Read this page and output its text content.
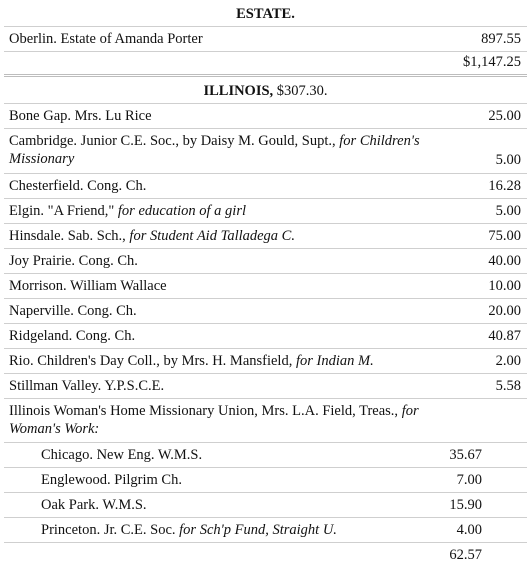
ESTATE.
Oberlin. Estate of Amanda Porter	897.55
$1,147.25
ILLINOIS, $307.30.
Bone Gap. Mrs. Lu Rice	25.00
Cambridge. Junior C.E. Soc., by Daisy M. Gould, Supt., for Children's Missionary	5.00
Chesterfield. Cong. Ch.	16.28
Elgin. "A Friend," for education of a girl	5.00
Hinsdale. Sab. Sch., for Student Aid Talladega C.	75.00
Joy Prairie. Cong. Ch.	40.00
Morrison. William Wallace	10.00
Naperville. Cong. Ch.	20.00
Ridgeland. Cong. Ch.	40.87
Rio. Children's Day Coll., by Mrs. H. Mansfield, for Indian M.	2.00
Stillman Valley. Y.P.S.C.E.	5.58
Illinois Woman's Home Missionary Union, Mrs. L.A. Field, Treas., for Woman's Work:
Chicago. New Eng. W.M.S.	35.67
Englewood. Pilgrim Ch.	7.00
Oak Park. W.M.S.	15.90
Princeton. Jr. C.E. Soc. for Sch'p Fund, Straight U.	4.00
62.57
